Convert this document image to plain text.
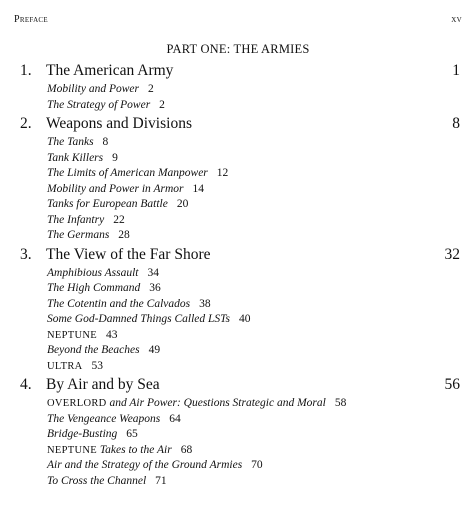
Preface	xv
PART ONE: THE ARMIES
1. The American Army	1
Mobility and Power 2
The Strategy of Power 2
2. Weapons and Divisions	8
The Tanks 8
Tank Killers 9
The Limits of American Manpower 12
Mobility and Power in Armor 14
Tanks for European Battle 20
The Infantry 22
The Germans 28
3. The View of the Far Shore	32
Amphibious Assault 34
The High Command 36
The Cotentin and the Calvados 38
Some God-Damned Things Called LSTs 40
NEPTUNE 43
Beyond the Beaches 49
ULTRA 53
4. By Air and by Sea	56
OVERLORD and Air Power: Questions Strategic and Moral 58
The Vengeance Weapons 64
Bridge-Busting 65
NEPTUNE Takes to the Air 68
Air and the Strategy of the Ground Armies 70
To Cross the Channel 71
